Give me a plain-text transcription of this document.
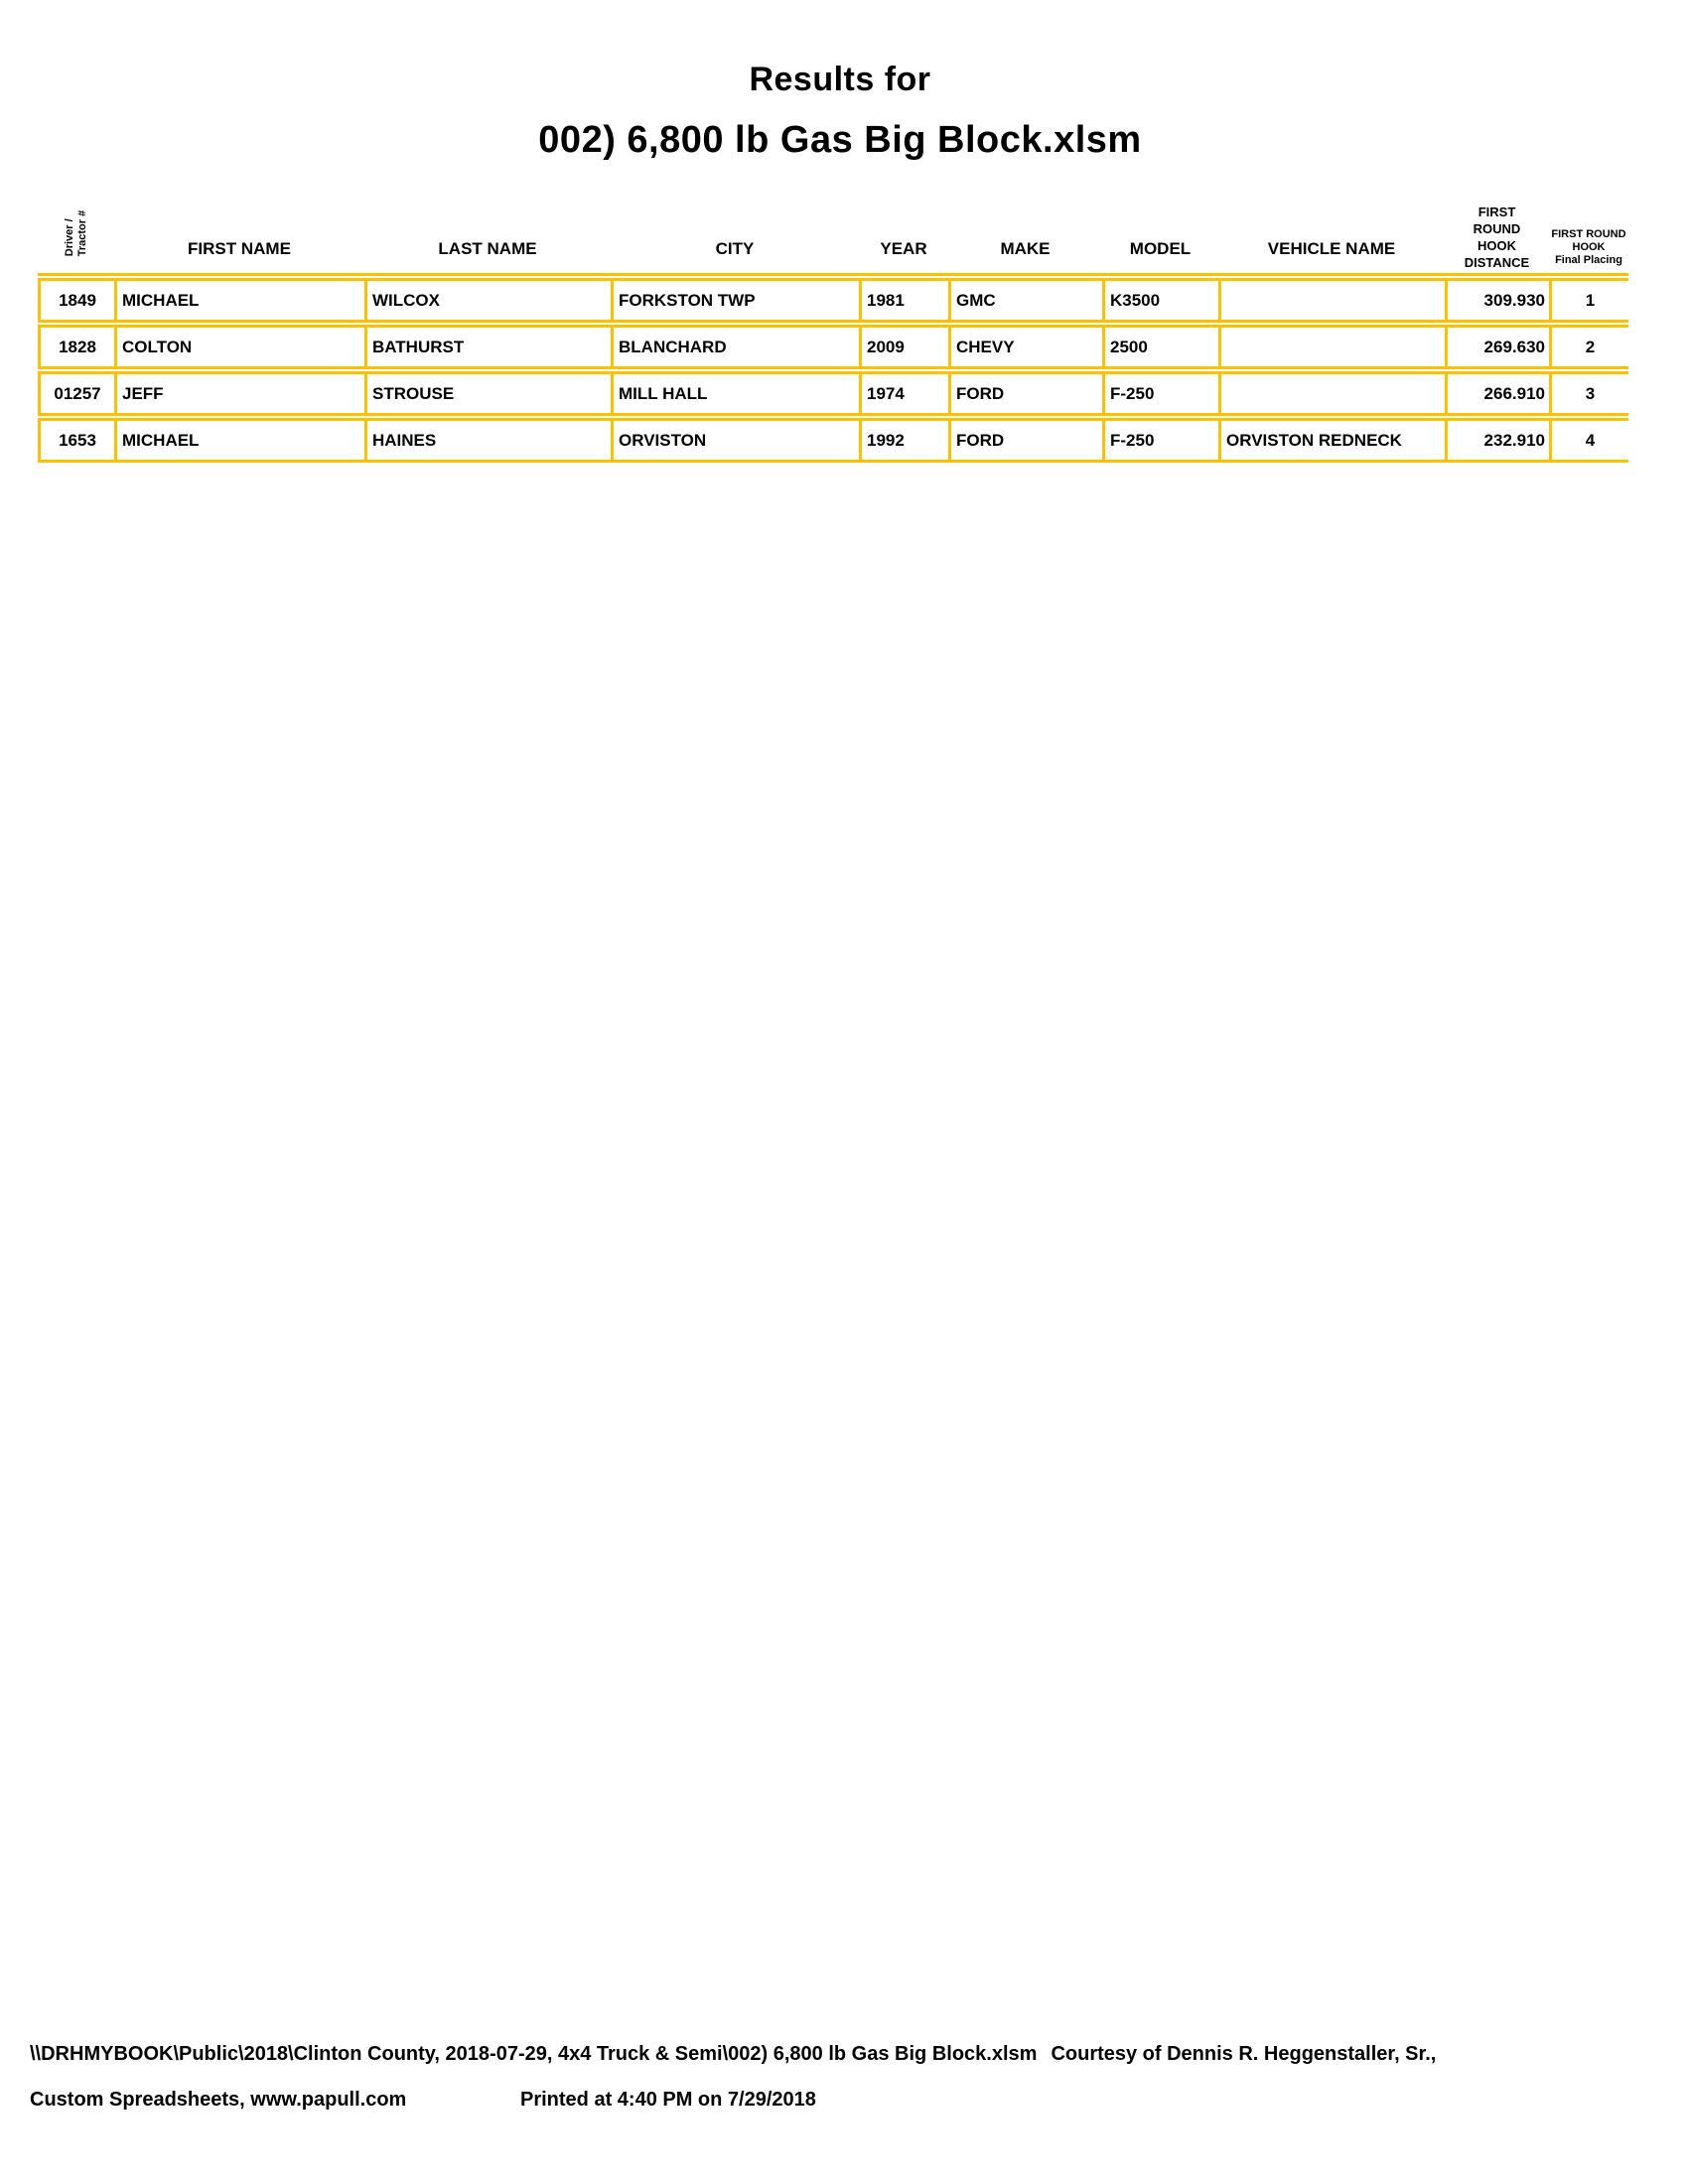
Results for
002) 6,800 lb Gas Big Block.xlsm
Driver /
Tractor #	FIRST NAME	LAST NAME	CITY	YEAR	MAKE	MODEL	VEHICLE NAME	FIRST
ROUND
HOOK
DISTANCE	FIRST ROUND
HOOK
Final Placing

1849	MICHAEL	WILCOX	FORKSTON TWP	1981	GMC	K3500		309.930	1
1828	COLTON	BATHURST	BLANCHARD	2009	CHEVY	2500		269.630	2
01257	JEFF	STROUSE	MILL HALL	1974	FORD	F-250		266.910	3
1653	MICHAEL	HAINES	ORVISTON	1992	FORD	F-250	ORVISTON REDNECK	232.910	4
\\DRHMYBOOK\Public\2018\Clinton County, 2018-07-29, 4x4 Truck & Semi\002) 6,800 lb Gas Big Block.xlsm Courtesy of Dennis R. Heggenstaller, Sr.,
Custom Spreadsheets, www.papull.com	Printed at 4:40 PM on 7/29/2018
